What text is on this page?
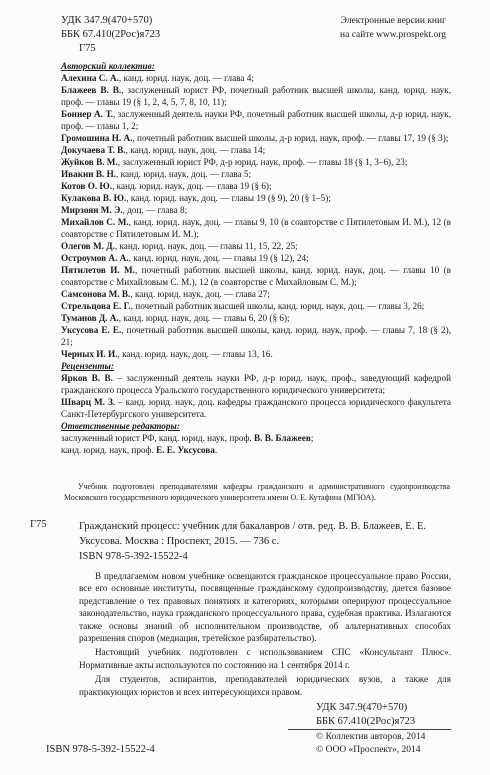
УДК 347.9(470+570)
ББК 67.410(2Рос)я723
Г75
Электронные версии книг
на сайте www.prospekt.org
Авторский коллектив:
Алехина С. А., канд. юрид. наук, доц. — глава 4;
Блажеев В. В., заслуженный юрист РФ, почетный работник высшей школы, канд. юрид. наук, проф. — главы 19 (§ 1, 2, 4, 5, 7, 8, 10, 11);
Боннер А. Т., заслуженный деятель науки РФ, почетный работник высшей школы, д-р юрид. наук, проф. — главы 1, 2;
Громошина Н. А., почетный работник высшей школы, д-р юрид. наук, проф. — главы 17, 19 (§ 3);
Докучаева Т. В., канд. юрид. наук, доц. — глава 14;
Жуйков В. М., заслуженный юрист РФ, д-р юрид. наук, проф. — главы 18 (§ 1, 3–6), 23;
Ивакин В. Н., канд. юрид. наук, доц. — глава 5;
Котов О. Ю., канд. юрид. наук, доц. — глава 19 (§ 6);
Кулакова В. Ю., канд. юрид. наук, доц. — главы 19 (§ 9), 20 (§ 1–5);
Мирзоян М. Э., доц. — глава 8;
Михайлов С. М., канд. юрид. наук, доц. — главы 9, 10 (в соавторстве с Пятилетовым И. М.), 12 (в соавторстве с Пятилетовым И. М.);
Олегов М. Д., канд. юрид. наук, доц. — главы 11, 15, 22, 25;
Остроумов А. А., канд. юрид. наук, доц. — главы 19 (§ 12), 24;
Пятилетов И. М., почетный работник высшей школы, канд. юрид. наук, доц. — главы 10 (в соавторстве с Михайловым С. М.), 12 (в соавторстве с Михайловым С. М.);
Самсонова М. В., канд. юрид. наук, доц. — глава 27;
Стрельцова Е. Г., почетный работник высшей школы, канд. юрид. наук, доц. — главы 3, 26;
Туманов Д. А., канд. юрид. наук, доц. — главы 6, 20 (§ 6);
Уксусова Е. Е., почетный работник высшей школы, канд. юрид. наук, проф. — главы 7, 18 (§ 2), 21;
Черных И. И., канд. юрид. наук, доц. — главы 13, 16.
Рецензенты:
Ярков В. В. – заслуженный деятель науки РФ, д-р юрид. наук, проф., заведующий кафедрой гражданского процесса Уральского государственного юридического университета;
Шварц М. З. – канд. юрид. наук, доц. кафедры гражданского процесса юридического факультета Санкт-Петербургского университета.
Ответственные редакторы:
заслуженный юрист РФ, канд. юрид. наук, проф. В. В. Блажеев;
канд. юрид. наук, проф. Е. Е. Уксусова.
Учебник подготовлен преподавателями кафедры гражданского и административного судопроизводства Московского государственного юридического университета имени О. Е. Кутафина (МГЮА).
Г75	Гражданский процесс: учебник для бакалавров / отв. ред. В. В. Блажеев, Е. Е. Уксусова. Москва : Проспект, 2015. — 736 с.
ISBN 978-5-392-15522-4

В предлагаемом новом учебнике освещаются гражданское процессуальное право России, все его основные институты, посвященные гражданскому судопроизводству, дается базовое представление о тех правовых понятиях и категориях, которыми оперируют процессуальное законодательство, наука гражданского процессуального права, судебная практика. Излагаются также основы знаний об исполнительном производстве, об альтернативных способах разрешения споров (медиация, третейское разбирательство).

Настоящий учебник подготовлен с использованием СПС «Консультант Плюс». Нормативные акты используются по состоянию на 1 сентября 2014 г.

Для студентов, аспирантов, преподавателей юридических вузов, а также для практикующих юристов и всех интересующихся правом.

УДК 347.9(470+570)
ББК 67.410(2Рос)я723
© Коллектив авторов, 2014
© ООО «Проспект», 2014
ISBN 978-5-392-15522-4
